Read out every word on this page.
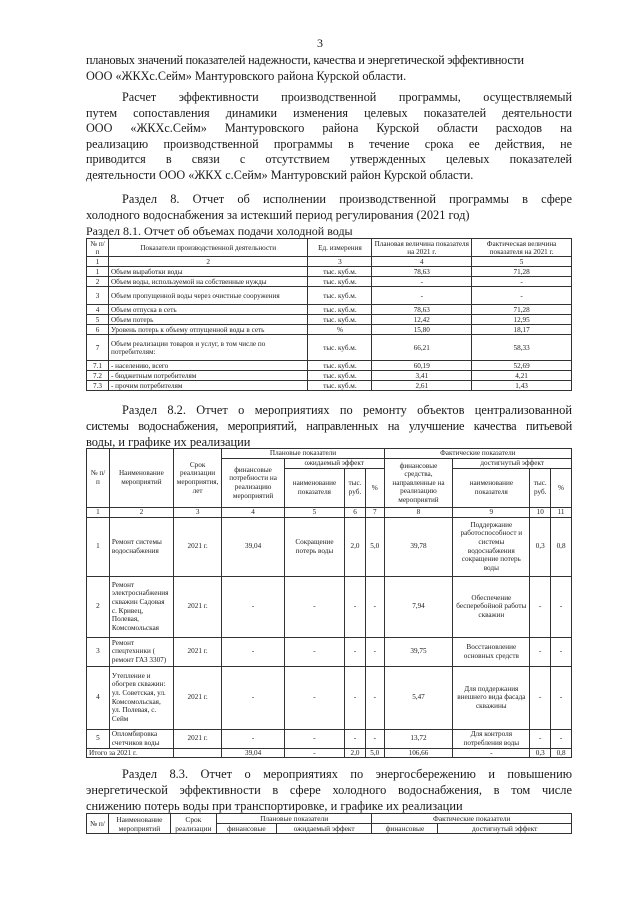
3
плановых значений показателей надежности, качества и энергетической эффективности
ООО «ЖКХс.Сейм» Мантуровского района Курской области.
Расчет эффективности производственной программы, осуществляемый
путем сопоставления динамики изменения целевых показателей деятельности
ООО «ЖКХс.Сейм» Мантуровского района Курской области расходов на
реализацию производственной программы в течение срока ее действия, не
приводится в связи с отсутствием утвержденных целевых показателей
деятельности ООО «ЖКХ с.Сейм» Мантуровский район Курской области.
Раздел 8. Отчет об исполнении производственной программы в сфере
холодного водоснабжения за истекший период регулирования (2021 год)
Раздел 8.1. Отчет об объемах подачи холодной воды
№ п/п	Показатели производственной деятельности	Ед. измерения	Плановая величина показателя на 2021 г.	Фактическая величина показателя на 2021 г.
1	2	3	4	5
1	Объем выработки воды	тыс. куб.м.	78,63	71,28
2	Объем воды, используемой на собственные нужды	тыс. куб.м.	-	-
3	Объем пропущенной воды через очистные сооружения	тыс. куб.м.	-	-
4	Объем отпуска в сеть	тыс. куб.м.	78,63	71,28
5	Объем потерь	тыс. куб.м.	12,42	12,95
6	Уровень потерь к объему отпущенной воды в сеть	%	15,80	18,17
7	Объем реализации товаров и услуг, в том числе по потребителям:	тыс. куб.м.	66,21	58,33
7.1	- населению, всего	тыс. куб.м.	60,19	52,69
7.2	- бюджетным потребителям	тыс. куб.м.	3,41	4,21
7.3	- прочим потребителям	тыс. куб.м.	2,61	1,43
Раздел 8.2. Отчет о мероприятиях по ремонту объектов централизованной
системы водоснабжения, мероприятий, направленных на улучшение качества питьевой
воды, и графике их реализации
№ п/ п	Наименование мероприятий	Срок реализации мероприятия, лет	Плановые показатели				Фактические показатели			
			финансовые потребности на реализацию мероприятий	ожидаемый эффект			финансовые средства, направленные на реализацию мероприятий	достигнутый эффект		
				наименование показателя	тыс. руб.	%		наименование показателя	тыс. руб.	%
1	2	3	4	5	6	7	8	9	10	11
1	Ремонт системы водоснабжения	2021 г.	39,04	Сокращение потерь воды	2,0	5,0	39,78	Поддержание работоспособност и системы водоснабжения сокращение потерь воды	0,3	0,8
2	Ремонт электроснабжения скважин Садовая с. Кривец, Полевая, Комсомольская	2021 г.	-	-	-	-	7,94	Обеспечение бесперебойной работы скважин	-	-
3	Ремонт спецтехники ( ремонт ГАЗ 3307)	2021 г.	-	-	-	-	39,75	Восстановление основных средств	-	-
4	Утепление и обогрев скважин: ул. Советская, ул. Комсомольская, ул. Полевая, с. Сейм	2021 г.	-	-	-	-	5,47	Для поддержания внешнего вида фасада скважины	-	-
5	Опломбировка счетчиков воды	2021 г.	-	-	-	-	13,72	Для контроля потребления воды	-	-
Итого за 2021 г.			39,04	-	2,0	5,0	106,66	-	0,3	0,8
Раздел 8.3. Отчет о мероприятиях по энергосбережению и повышению
энергетической эффективности в сфере холодного водоснабжения, в том числе
снижению потерь воды при транспортировке, и графике их реализации
№ п/	Наименование мероприятий	Срок реализации	Плановые показатели		Фактические показатели	
			финансовые	ожидаемый эффект	финансовые	достигнутый эффект
